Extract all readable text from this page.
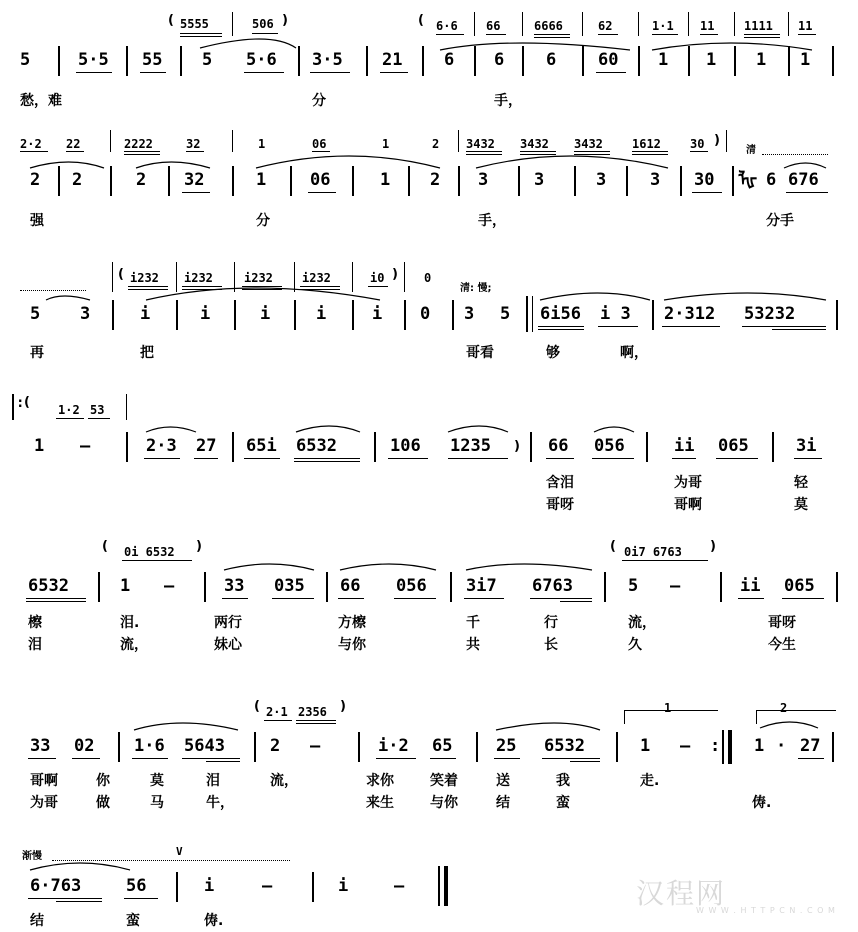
( 5555	506 )	( 6·6 66	6666	62	1·1 11 1111 11
5	5·5 55 5 5·6 3·5 21 6 6 6 60 1 1 1 1
愁，难	分	手，
2·2 22	2222	32	1	06	1	2 3432 3432 3432 1612 30 )
清
2 2	2 32	1	06	1 2 3	3	3	3 30 ᡀ 6 676
强	分	手，	分手
( i232 i232	i232 i232	i0 ) 0
清: 慢;
5 3	i	i	i	i	i 0 3 5 6i56 i 3 2·312 53232
再	把	哥看	够	啊，
: ( 1·2 53
1 —	2·3 27 65i 6532	106 1235 ) 66 056	ii 065	3i
含泪	为哥	轻
哥呀	哥啊	莫
( 0i 6532 )	( 0i7 6763 )
6532	1 —	33 035 66 056 3i7 6763	5 —	ii 065
檫	泪.	两行	方檫	千	行	流，	哥呀
泪	流，	妹心	与你	共	长	久	今生
( 2·1 2356 )	1	2
33 02 1·6 5643	2 —	i·2 65	25 6532	1 — : 1 · 27
哥啊	你	莫	泪	流，	求你	笑着	送	我	走.
为哥	做	马	牛，	来生	与你	结	蛮	俦.
渐慢	V
6·763	56	i	—	i	—
结	蛮	俦.
汉程网
W W W . H T T P C N . C O M
